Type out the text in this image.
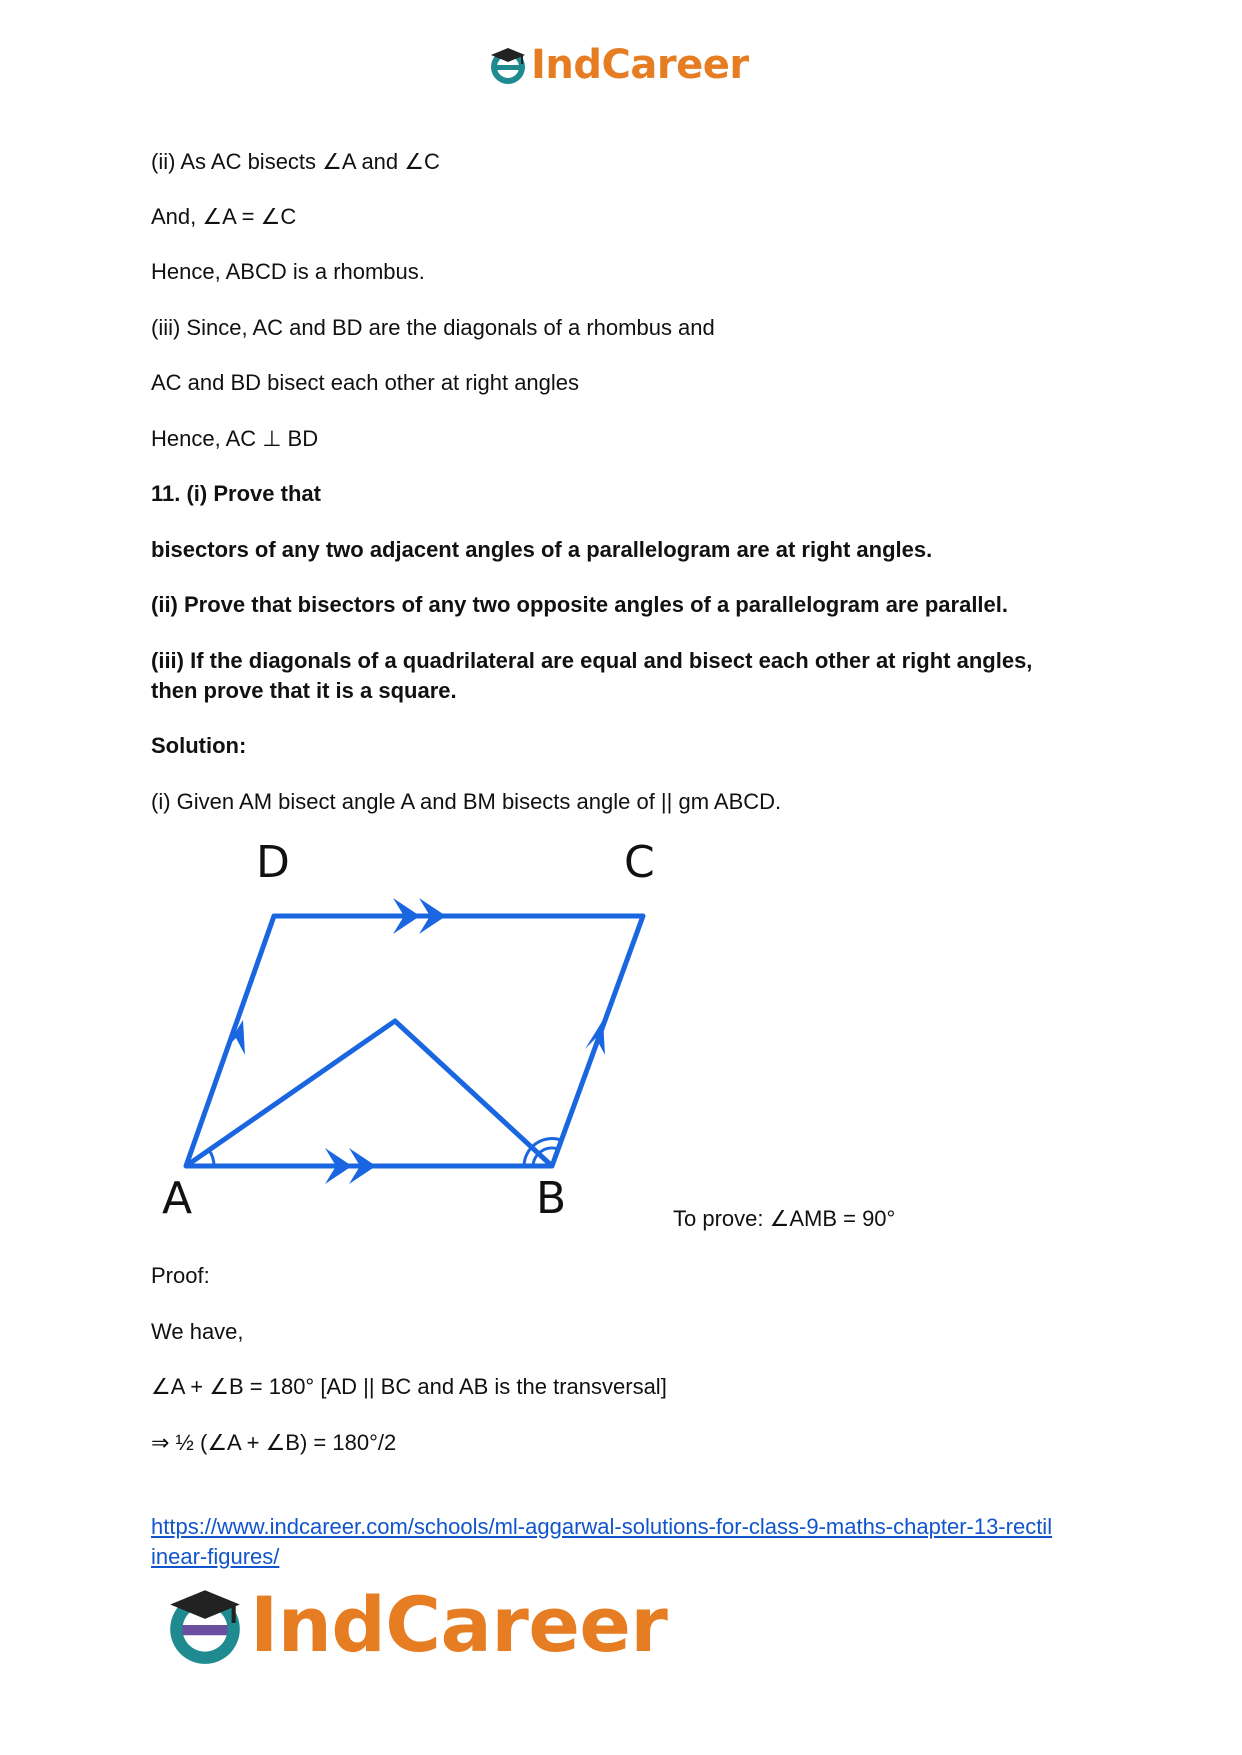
IndCareer
(ii) As AC bisects ∠A and ∠C
And, ∠A = ∠C
Hence, ABCD is a rhombus.
(iii) Since, AC and BD are the diagonals of a rhombus and
AC and BD bisect each other at right angles
Hence, AC ⊥ BD
11. (i) Prove that
bisectors of any two adjacent angles of a parallelogram are at right angles.
(ii) Prove that bisectors of any two opposite angles of a parallelogram are parallel.
(iii) If the diagonals of a quadrilateral are equal and bisect each other at right angles,
then prove that it is a square.
Solution:
(i) Given AM bisect angle A and BM bisects angle of || gm ABCD.
D	C
A	B	To prove: ∠AMB = 90°
Proof:
We have,
∠A + ∠B = 180° [AD || BC and AB is the transversal]
⇒ ½ (∠A + ∠B) = 180°/2
https://www.indcareer.com/schools/ml-aggarwal-solutions-for-class-9-maths-chapter-13-rectil
inear-figures/
IndCareer
